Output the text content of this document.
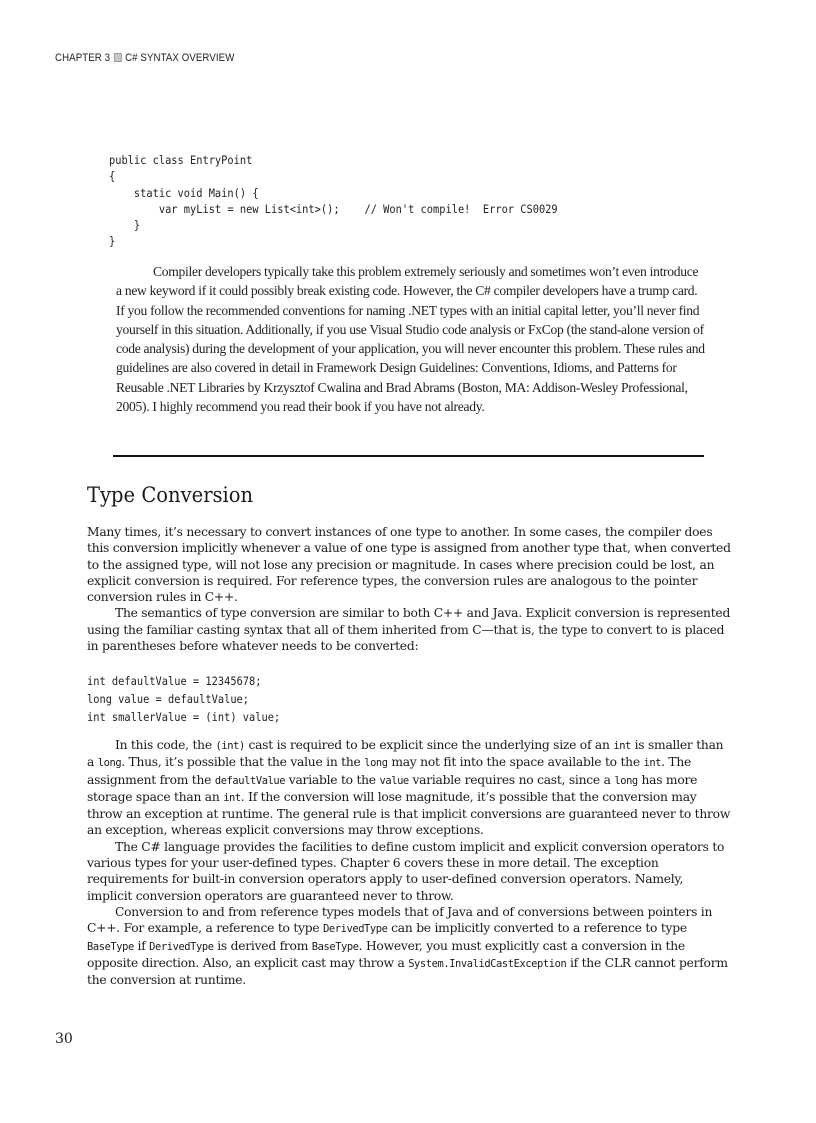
CHAPTER 3 C# SYNTAX OVERVIEW
public class EntryPoint
{
static void Main() {
var myList = new List<int>();    // Won't compile!  Error CS0029
}
}

Compiler developers typically take this problem extremely seriously and sometimes won’t even introduce a new keyword if it could possibly break existing code. However, the C# compiler developers have a trump card. If you follow the recommended conventions for naming .NET types with an initial capital letter, you’ll never find yourself in this situation. Additionally, if you use Visual Studio code analysis or FxCop (the stand-alone version of code analysis) during the development of your application, you will never encounter this problem. These rules and guidelines are also covered in detail in Framework Design Guidelines: Conventions, Idioms, and Patterns for Reusable .NET Libraries by Krzysztof Cwalina and Brad Abrams (Boston, MA: Addison-Wesley Professional, 2005). I highly recommend you read their book if you have not already.

Type Conversion

Many times, it’s necessary to convert instances of one type to another. In some cases, the compiler does this conversion implicitly whenever a value of one type is assigned from another type that, when converted to the assigned type, will not lose any precision or magnitude. In cases where precision could be lost, an explicit conversion is required. For reference types, the conversion rules are analogous to the pointer conversion rules in C++.

The semantics of type conversion are similar to both C++ and Java. Explicit conversion is represented using the familiar casting syntax that all of them inherited from C—that is, the type to convert to is placed in parentheses before whatever needs to be converted:

int defaultValue = 12345678;
long value = defaultValue;
int smallerValue = (int) value;

In this code, the (int) cast is required to be explicit since the underlying size of an int is smaller than a long. Thus, it’s possible that the value in the long may not fit into the space available to the int. The assignment from the defaultValue variable to the value variable requires no cast, since a long has more storage space than an int. If the conversion will lose magnitude, it’s possible that the conversion may throw an exception at runtime. The general rule is that implicit conversions are guaranteed never to throw an exception, whereas explicit conversions may throw exceptions.

The C# language provides the facilities to define custom implicit and explicit conversion operators to various types for your user-defined types. Chapter 6 covers these in more detail. The exception requirements for built-in conversion operators apply to user-defined conversion operators. Namely, implicit conversion operators are guaranteed never to throw.

Conversion to and from reference types models that of Java and of conversions between pointers in C++. For example, a reference to type DerivedType can be implicitly converted to a reference to type BaseType if DerivedType is derived from BaseType. However, you must explicitly cast a conversion in the opposite direction. Also, an explicit cast may throw a System.InvalidCastException if the CLR cannot perform the conversion at runtime.

30
